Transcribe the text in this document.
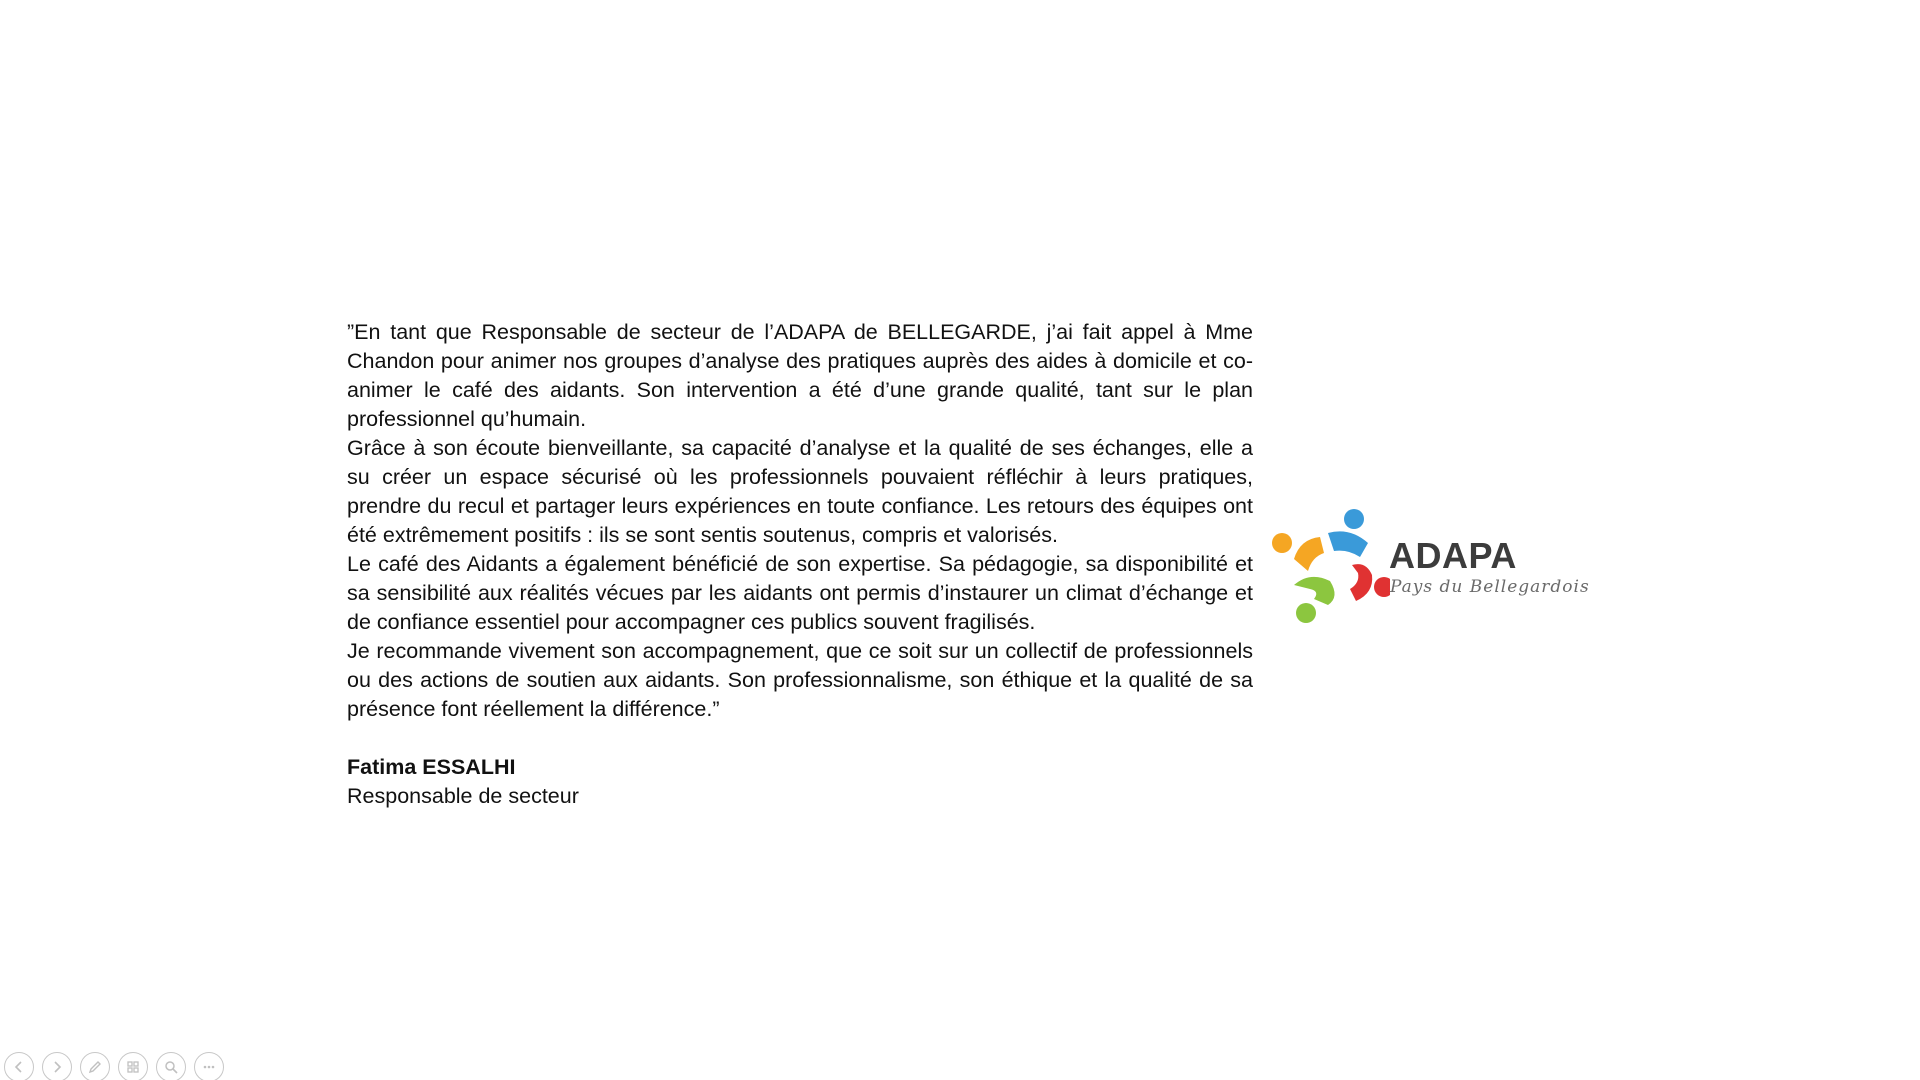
”En tant que Responsable de secteur de l’ADAPA de BELLEGARDE, j’ai fait appel à Mme Chandon pour animer nos groupes d’analyse des pratiques auprès des aides à domicile et co-animer le café des aidants. Son intervention a été d’une grande qualité, tant sur le plan professionnel qu’humain.

Grâce à son écoute bienveillante, sa capacité d’analyse et la qualité de ses échanges, elle a su créer un espace sécurisé où les professionnels pouvaient réfléchir à leurs pratiques, prendre du recul et partager leurs expériences en toute confiance. Les retours des équipes ont été extrêmement positifs : ils se sont sentis soutenus, compris et valorisés.

Le café des Aidants a également bénéficié de son expertise. Sa pédagogie, sa disponibilité et sa sensibilité aux réalités vécues par les aidants ont permis d’instaurer un climat d’échange et de confiance essentiel pour accompagner ces publics souvent fragilisés.

Je recommande vivement son accompagnement, que ce soit sur un collectif de professionnels ou des actions de soutien aux aidants. Son professionnalisme, son éthique et la qualité de sa présence font réellement la différence.”

Fatima ESSALHI

Responsable de secteur

ADAPA
Pays du Bellegardois
